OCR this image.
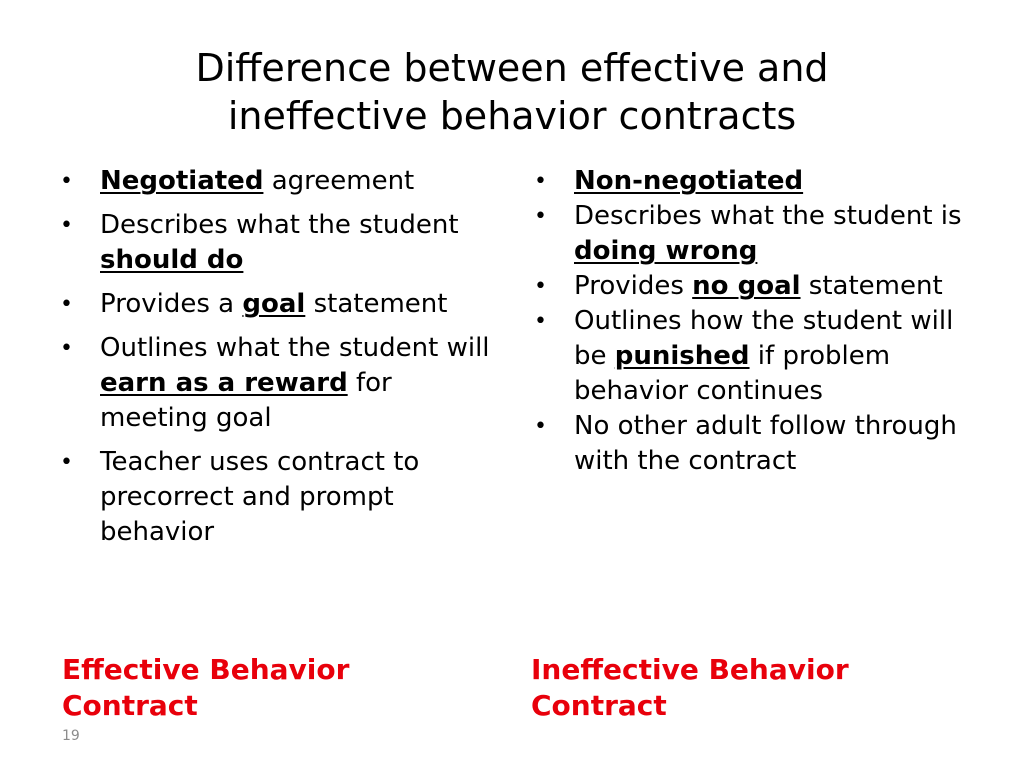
Difference between effective and
ineffective behavior contracts
• Negotiated agreement
• Describes what the student should do
• Provides a goal statement
• Outlines what the student will earn as a reward for meeting goal
• Teacher uses contract to precorrect and prompt behavior
• Non-negotiated
• Describes what the student is doing wrong
• Provides no goal statement
• Outlines how the student will be punished if problem behavior continues
• No other adult follow through with the contract

Effective Behavior Contract

Ineffective Behavior Contract

19
